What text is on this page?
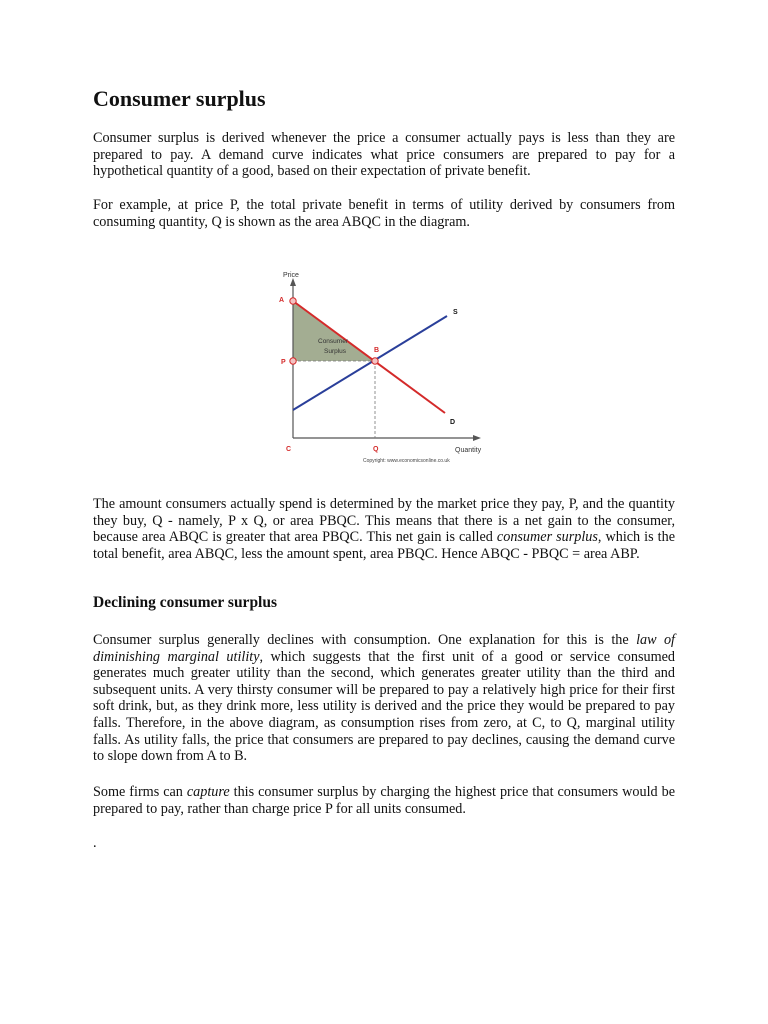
Consumer surplus

Consumer surplus is derived whenever the price a consumer actually pays is less than they are prepared to pay. A demand curve indicates what price consumers are prepared to pay for a hypothetical quantity of a good, based on their expectation of private benefit.

For example, at price P, the total private benefit in terms of utility derived by consumers from consuming quantity, Q is shown as the area ABQC in the diagram.

The amount consumers actually spend is determined by the market price they pay, P, and the quantity they buy, Q - namely, P x Q, or area PBQC. This means that there is a net gain to the consumer, because area ABQC is greater that area PBQC. This net gain is called consumer surplus, which is the total benefit, area ABQC, less the amount spent, area PBQC. Hence ABQC - PBQC = area ABP.

Declining consumer surplus

Consumer surplus generally declines with consumption. One explanation for this is the law of diminishing marginal utility, which suggests that the first unit of a good or service consumed generates much greater utility than the second, which generates greater utility than the third and subsequent units. A very thirsty consumer will be prepared to pay a relatively high price for their first soft drink, but, as they drink more, less utility is derived and the price they would be prepared to pay falls. Therefore, in the above diagram, as consumption rises from zero, at C, to Q, marginal utility falls. As utility falls, the price that consumers are prepared to pay declines, causing the demand curve to slope down from A to B.

Some firms can capture this consumer surplus by charging the highest price that consumers would be prepared to pay, rather than charge price P for all units consumed.

.

Price
Quantity
A
P
B
C	Q
S
D
Consumer
Surplus
Copyright: www.economicsonline.co.uk
